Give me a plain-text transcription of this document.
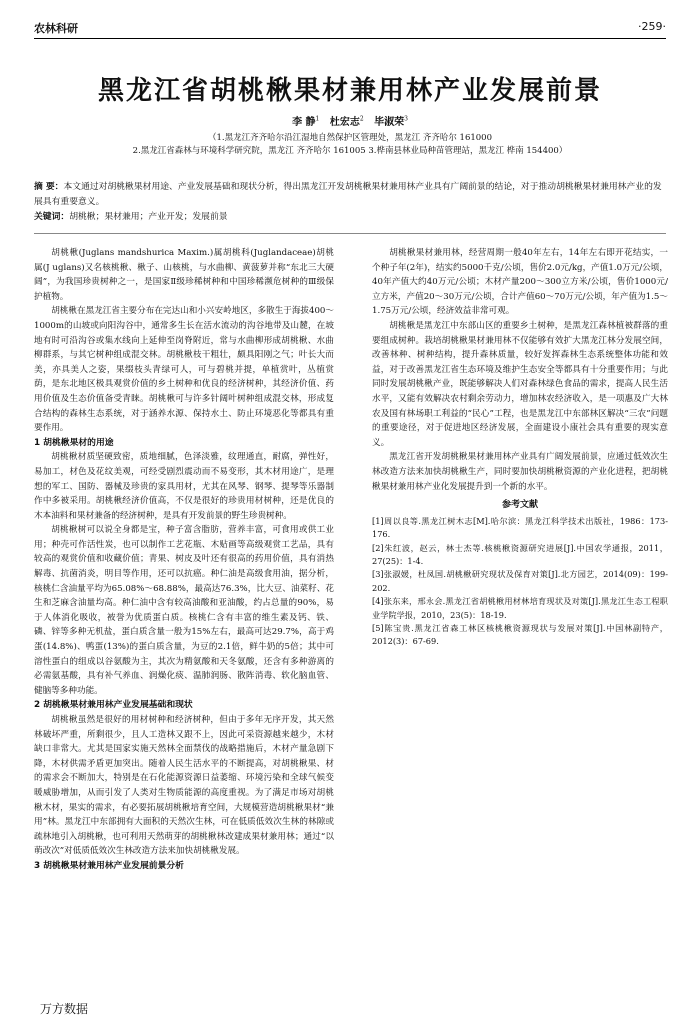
农林科研	·259·
黑龙江省胡桃楸果材兼用林产业发展前景
李 静$^1$ 杜宏志$^2$ 毕淑荣$^3$
（1.黑龙江齐齐哈尔沿江湿地自然保护区管理处，黑龙江 齐齐哈尔 161000
2.黑龙江省森林与环境科学研究院，黑龙江 齐齐哈尔 161005 3.桦南县林业局种苗管理站，黑龙江 桦南 154400）
摘 要：本文通过对胡桃楸果材用途、产业发展基础和现状分析，得出黑龙江开发胡桃楸果材兼用林产业具有广阔前景的结论，对于推动胡桃楸果材兼用林产业的发展具有重要意义。
关键词：胡桃楸；果材兼用；产业开发；发展前景

胡桃楸(Juglans mandshurica Maxim.)属胡桃科(Juglandaceae)胡桃属(J uglans)又名核桃楸、楸子、山核桃，与水曲柳、黄菠萝并称“东北三大硬阔”，为我国珍贵树种之一，是国家Ⅱ级珍稀树种和中国珍稀濒危树种的Ⅲ级保护植物。

胡桃楸在黑龙江省主要分布在完达山和小兴安岭地区，多散生于海拔400～1000m的山坡或向阳沟谷中，通常多生长在活水流动的沟谷地带及山麓，在坡地有时可沿沟谷或集水线向上延伸至岗脊附近，常与水曲柳形成胡桃楸、水曲柳群系，与其它树种组成混交林。胡桃楸枝干粗壮，颇具阳刚之气；叶长大而美，亦具美人之姿，果缀枝头青绿可人，可与碧桃并提，单植赏叶，丛植赏荫，是东北地区极具观赏价值的乡土树种和优良的经济树种，其经济价值、药用价值及生态价值备受青睐。胡桃楸可与许多针阔叶树种组成混交林，形成复合结构的森林生态系统，对于涵养水源、保持水土、防止环境恶化等都具有重要作用。

1 胡桃楸果材的用途

胡桃楸材质坚硬致密，质地细腻，色泽淡雅，纹理通直，耐腐，弹性好，易加工，材色及花纹美观，可经受剧烈震动而不易变形，其木材用途广，是理想的军工、国防、器械及珍贵的家具用材，尤其在风琴、钢琴、提琴等乐器制作中多被采用。胡桃楸经济价值高，不仅是很好的珍贵用材树种，还是优良的木本油料和果材兼备的经济树种，是具有开发前景的野生珍贵树种。

胡桃楸树可以说全身都是宝，种子富含脂肪，营养丰富，可食用或供工业用；种壳可作活性炭，也可以制作工艺花瓶、木贴画等高级观赏工艺品，具有较高的观赏价值和收藏价值；青果、树皮及叶还有很高的药用价值，具有消热解毒、抗菌消炎，明目等作用，还可以抗癌。种仁油是高级食用油，据分析，核桃仁含油量平均为65.08%～68.88%，最高达76.3%，比大豆、油菜籽、花生和芝麻含油量均高。种仁油中含有较高油酸和亚油酸，约占总量的90%，易于人体消化吸收，被誉为优质蛋白质。核桃仁含有丰富的维生素及钙、铁、磷、锌等多种无机盐，蛋白质含量一般为15%左右，最高可达29.7%，高于鸡蛋(14.8%)、鸭蛋(13%)的蛋白质含量，为豆的2.1倍，鲜牛奶的5倍；其中可溶性蛋白的组成以谷氨酸为主，其次为精氨酸和天冬氨酸，还含有多种游离的必需氨基酸，具有补气养血、润燥化痰、温肺润肠、散阵消毒、软化脑血管、健脑等多种功能。

2 胡桃楸果材兼用林产业发展基础和现状

胡桃楸虽然是很好的用材树种和经济树种，但由于多年无序开发，其天然林破坏严重，所剩很少，且人工造林又跟不上，因此可采资源越来越少，木材缺口非常大。尤其是国家实施天然林全面禁伐的战略措施后，木材产量急剧下降，木材供需矛盾更加突出。随着人民生活水平的不断提高，对胡桃楸果、材的需求会不断加大，特别是在石化能源资源日益萎缩、环境污染和全球气候变暖威胁增加，从而引发了人类对生物质能源的高度重视。为了满足市场对胡桃楸木材，果实的需求，有必要拓展胡桃楸培育空间，大规模营造胡桃楸果材“兼用”林。黑龙江中东部拥有大面积的天然次生林，可在低质低效次生林的林隙或疏林地引入胡桃楸，也可利用天然萌芽的胡桃楸林改建成果材兼用林；通过“以萌改次”对低质低效次生林改造方法来加快胡桃楸发展。

3 胡桃楸果材兼用林产业发展前景分析

胡桃楸果材兼用林，经营周期一般40年左右，14年左右即开花结实，一个种子年(2年)，结实约5000千克/公顷，售价2.0元/kg，产值1.0万元/公顷，40年产值大约40万元/公顷；木材产量200～300立方米/公顷，售价1000元/立方米，产值20～30万元/公顷，合计产值60～70万元/公顷，年产值为1.5～1.75万元/公顷，经济效益非常可观。

胡桃楸是黑龙江中东部山区的重要乡土树种，是黑龙江森林植被群落的重要组成树种。栽培胡桃楸果材兼用林不仅能够有效扩大黑龙江林分发展空间，改善林种、树种结构，提升森林质量，较好发挥森林生态系统整体功能和效益，对于改善黑龙江省生态环境及维护生态安全等都具有十分重要作用；与此同时发展胡桃楸产业，既能够解决人们对森林绿色食品的需求，提高人民生活水平，又能有效解决农村剩余劳动力，增加林农经济收入，是一项惠及广大林农及国有林场职工利益的“民心”工程，也是黑龙江中东部林区解决“三农”问题的重要途径，对于促进地区经济发展，全面建设小康社会具有重要的现实意义。

黑龙江省开发胡桃楸果材兼用林产业具有广阔发展前景，应通过低效次生林改造方法来加快胡桃楸生产，同时要加快胡桃楸资源的产业化进程，把胡桃楸果材兼用林产业化发展提升到一个新的水平。

参考文献
[1]周以良等.黑龙江树木志[M].哈尔滨：黑龙江科学技术出版社，1986：173-176.
[2]朱红波，赵云，林士杰等.核桃楸资源研究进展[J].中国农学通报，2011，27(25)：1-4.
[3]张淑媛，杜凤国.胡桃楸研究现状及保育对策[J].北方园艺，2014(09)：199-202.
[4]张东来，邢永会.黑龙江省胡桃楸用材林培育现状及对策[J].黑龙江生态工程职业学院学报，2010，23(5)：18-19.
[5]陈宝贵.黑龙江省森工林区核桃楸资源现状与发展对策[J].中国林副特产，2012(3)：67-69.
万方数据
